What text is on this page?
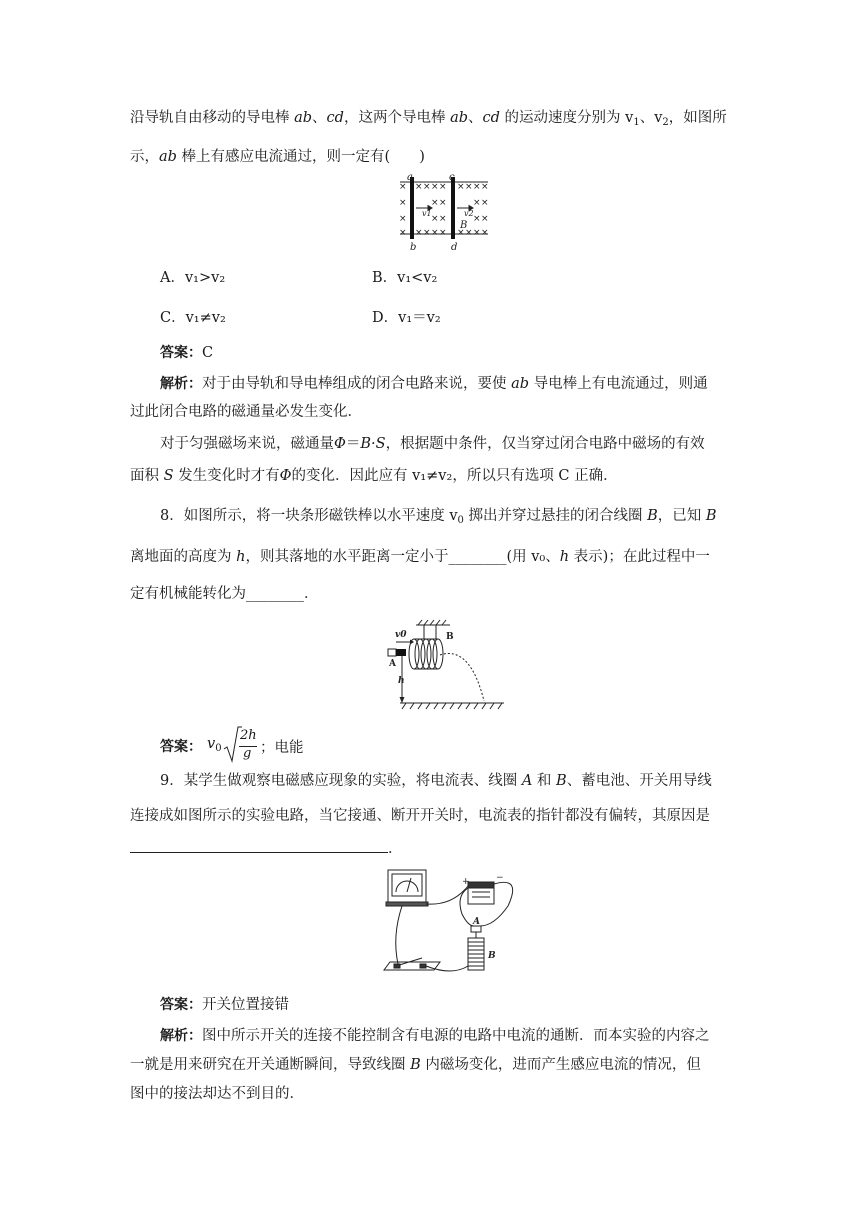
沿导轨自由移动的导电棒 ab、cd，这两个导电棒 ab、cd 的运动速度分别为 $v_1$、$v_2$，如图所
示，ab 棒上有感应电流通过，则一定有(　　)
× × × × × × × × ×
×	× ×	× ×
×	× ×	× ×
× × × × × × × × ×
a
b
c
d
B
v1	v2
A．v₁>v₂	B．v₁<v₂
C．v₁≠v₂	D．v₁＝v₂
答案：C
解析：对于由导轨和导电棒组成的闭合电路来说，要使 ab 导电棒上有电流通过，则通
过此闭合电路的磁通量必发生变化．
对于匀强磁场来说，磁通量Φ＝B·S，根据题中条件，仅当穿过闭合电路中磁场的有效
面积 S 发生变化时才有Φ的变化．因此应有 v₁≠v₂，所以只有选项 C 正确．
8．如图所示，将一块条形磁铁棒以水平速度 $v_0$ 掷出并穿过悬挂的闭合线圈 B，已知 B
离地面的高度为 h，则其落地的水平距离一定小于________(用 v₀、h 表示)；在此过程中一
定有机械能转化为________．
v0
A
B
h
答案： $v_0$
2h
g ；电能
9．某学生做观察电磁感应现象的实验，将电流表、线圈 A 和 B、蓄电池、开关用导线
连接成如图所示的实验电路，当它接通、断开开关时，电流表的指针都没有偏转，其原因是
．
+	−
A
B
答案：开关位置接错
解析：图中所示开关的连接不能控制含有电源的电路中电流的通断．而本实验的内容之
一就是用来研究在开关通断瞬间，导致线圈 B 内磁场变化，进而产生感应电流的情况，但
图中的接法却达不到目的．
